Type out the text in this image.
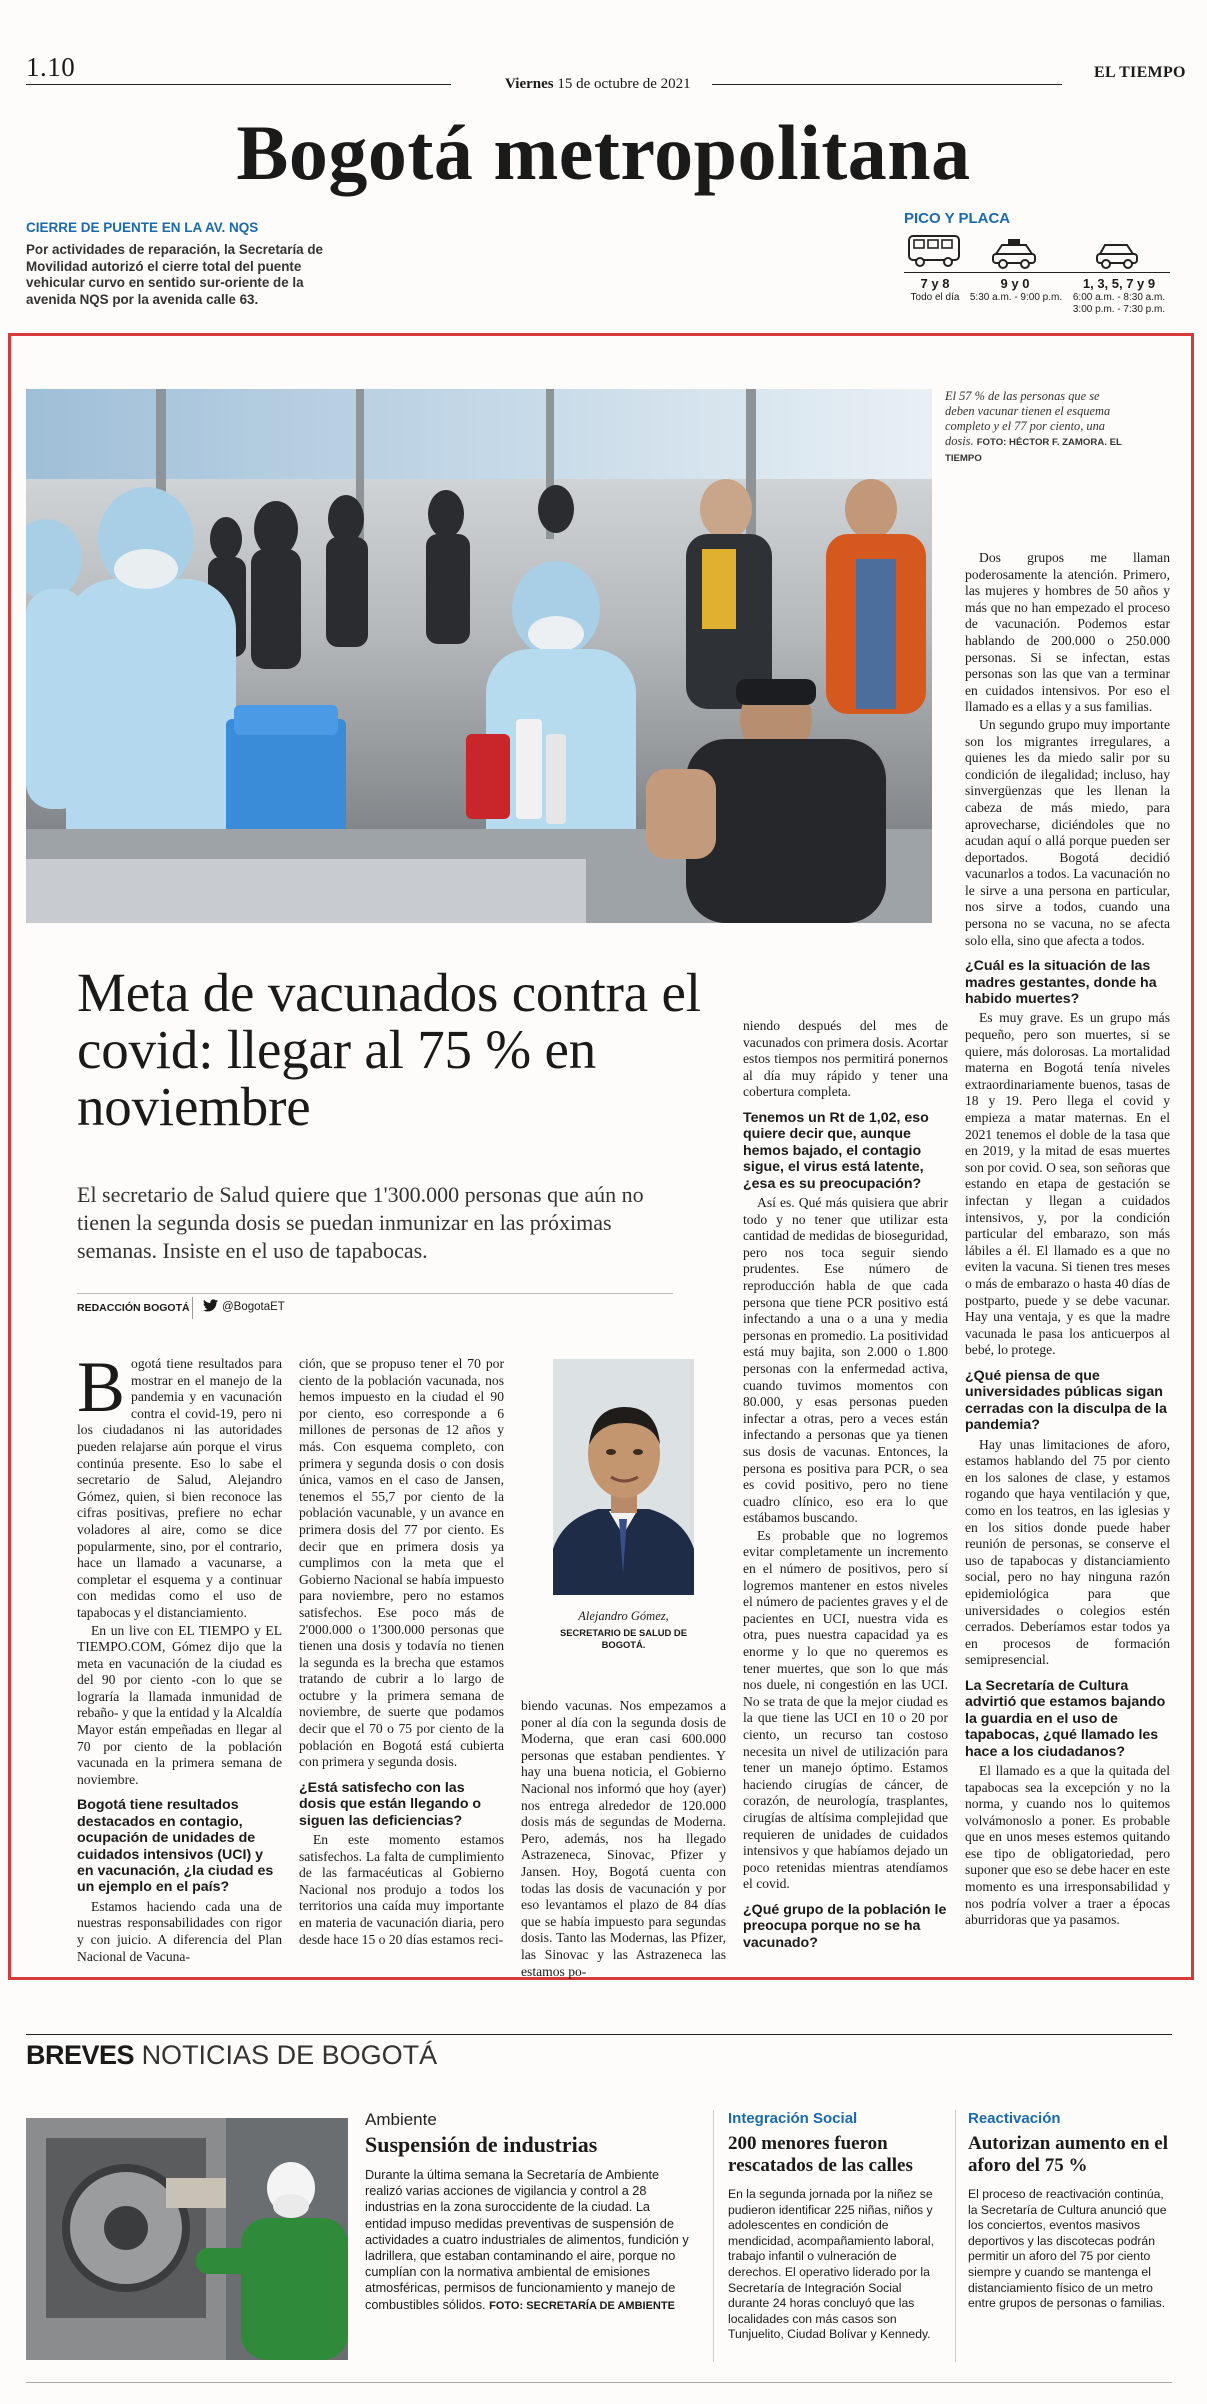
1.10
Viernes 15 de octubre de 2021
EL TIEMPO
Bogotá metropolitana
CIERRE DE PUENTE EN LA AV. NQS
Por actividades de reparación, la Secretaría de Movilidad autorizó el cierre total del puente vehicular curvo en sentido sur-oriente de la avenida NQS por la avenida calle 63.
PICO Y PLACA
7 y 8
Todo el día
9 y 0
5:30 a.m. - 9:00 p.m.
1, 3, 5, 7 y 9
6:00 a.m. - 8:30 a.m.
3:00 p.m. - 7:30 p.m.
El 57 % de las personas que se deben vacunar tienen el esquema completo y el 77 por ciento, una dosis. FOTO: HÉCTOR F. ZAMORA. EL TIEMPO
Meta de vacunados contra el covid: llegar al 75 % en noviembre
El secretario de Salud quiere que 1'300.000 personas que aún no tienen la segunda dosis se puedan inmunizar en las próximas semanas. Insiste en el uso de tapabocas.
REDACCIÓN BOGOTÁ	@BogotaET
Alejandro Gómez,
SECRETARIO DE SALUD DE BOGOTÁ.

Bogotá tiene resultados para mostrar en el manejo de la pandemia y en vacunación contra el covid-19, pero ni los ciudadanos ni las autoridades pueden relajarse aún porque el virus continúa presente. Eso lo sabe el secretario de Salud, Alejandro Gómez, quien, si bien reconoce las cifras positivas, prefiere no echar voladores al aire, como se dice popularmente, sino, por el contrario, hace un llamado a vacunarse, a completar el esquema y a continuar con medidas como el uso de tapabocas y el distanciamiento.

En un live con EL TIEMPO y EL TIEMPO.COM, Gómez dijo que la meta en vacunación de la ciudad es del 90 por ciento -con lo que se lograría la llamada inmunidad de rebaño- y que la entidad y la Alcaldía Mayor están empeñadas en llegar al 70 por ciento de la población vacunada en la primera semana de noviembre.

Bogotá tiene resultados destacados en contagio, ocupación de unidades de cuidados intensivos (UCI) y en vacunación, ¿la ciudad es un ejemplo en el país?

Estamos haciendo cada una de nuestras responsabilidades con rigor y con juicio. A diferencia del Plan Nacional de Vacuna-

ción, que se propuso tener el 70 por ciento de la población vacunada, nos hemos impuesto en la ciudad el 90 por ciento, eso corresponde a 6 millones de personas de 12 años y más. Con esquema completo, con primera y segunda dosis o con dosis única, vamos en el caso de Jansen, tenemos el 55,7 por ciento de la población vacunable, y un avance en primera dosis del 77 por ciento. Es decir que en primera dosis ya cumplimos con la meta que el Gobierno Nacional se había impuesto para noviembre, pero no estamos satisfechos. Ese poco más de 2'000.000 o 1'300.000 personas que tienen una dosis y todavía no tienen la segunda es la brecha que estamos tratando de cubrir a lo largo de octubre y la primera semana de noviembre, de suerte que podamos decir que el 70 o 75 por ciento de la población en Bogotá está cubierta con primera y segunda dosis.

¿Está satisfecho con las dosis que están llegando o siguen las deficiencias?

En este momento estamos satisfechos. La falta de cumplimiento de las farmacéuticas al Gobierno Nacional nos produjo a todos los territorios una caída muy importante en materia de vacunación diaria, pero desde hace 15 o 20 días estamos reci-

biendo vacunas. Nos empezamos a poner al día con la segunda dosis de Moderna, que eran casi 600.000 personas que estaban pendientes. Y hay una buena noticia, el Gobierno Nacional nos informó que hoy (ayer) nos entrega alrededor de 120.000 dosis más de segundas de Moderna. Pero, además, nos ha llegado Astrazeneca, Sinovac, Pfizer y Jansen. Hoy, Bogotá cuenta con todas las dosis de vacunación y por eso levantamos el plazo de 84 días que se había impuesto para segundas dosis. Tanto las Modernas, las Pfizer, las Sinovac y las Astrazeneca las estamos po-

niendo después del mes de vacunados con primera dosis. Acortar estos tiempos nos permitirá ponernos al día muy rápido y tener una cobertura completa.

Tenemos un Rt de 1,02, eso quiere decir que, aunque hemos bajado, el contagio sigue, el virus está latente, ¿esa es su preocupación?

Así es. Qué más quisiera que abrir todo y no tener que utilizar esta cantidad de medidas de bioseguridad, pero nos toca seguir siendo prudentes. Ese número de reproducción habla de que cada persona que tiene PCR positivo está infectando a una o a una y media personas en promedio. La positividad está muy bajita, son 2.000 o 1.800 personas con la enfermedad activa, cuando tuvimos momentos con 80.000, y esas personas pueden infectar a otras, pero a veces están infectando a personas que ya tienen sus dosis de vacunas. Entonces, la persona es positiva para PCR, o sea es covid positivo, pero no tiene cuadro clínico, eso era lo que estábamos buscando.

Es probable que no logremos evitar completamente un incremento en el número de positivos, pero sí logremos mantener en estos niveles el número de pacientes graves y el de pacientes en UCI, nuestra vida es otra, pues nuestra capacidad ya es enorme y lo que no queremos es tener muertes, que son lo que más nos duele, ni congestión en las UCI. No se trata de que la mejor ciudad es la que tiene las UCI en 10 o 20 por ciento, un recurso tan costoso necesita un nivel de utilización para tener un manejo óptimo. Estamos haciendo cirugías de cáncer, de corazón, de neurología, trasplantes, cirugías de altísima complejidad que requieren de unidades de cuidados intensivos y que habíamos dejado un poco retenidas mientras atendíamos el covid.

¿Qué grupo de la población le preocupa porque no se ha vacunado?

Dos grupos me llaman poderosamente la atención. Primero, las mujeres y hombres de 50 años y más que no han empezado el proceso de vacunación. Podemos estar hablando de 200.000 o 250.000 personas. Si se infectan, estas personas son las que van a terminar en cuidados intensivos. Por eso el llamado es a ellas y a sus familias.

Un segundo grupo muy importante son los migrantes irregulares, a quienes les da miedo salir por su condición de ilegalidad; incluso, hay sinvergüenzas que les llenan la cabeza de más miedo, para aprovecharse, diciéndoles que no acudan aquí o allá porque pueden ser deportados. Bogotá decidió vacunarlos a todos. La vacunación no le sirve a una persona en particular, nos sirve a todos, cuando una persona no se vacuna, no se afecta solo ella, sino que afecta a todos.

¿Cuál es la situación de las madres gestantes, donde ha habido muertes?

Es muy grave. Es un grupo más pequeño, pero son muertes, si se quiere, más dolorosas. La mortalidad materna en Bogotá tenía niveles extraordinariamente buenos, tasas de 18 y 19. Pero llega el covid y empieza a matar maternas. En el 2021 tenemos el doble de la tasa que en 2019, y la mitad de esas muertes son por covid. O sea, son señoras que estando en etapa de gestación se infectan y llegan a cuidados intensivos, y, por la condición particular del embarazo, son más lábiles a él. El llamado es a que no eviten la vacuna. Si tienen tres meses o más de embarazo o hasta 40 días de postparto, puede y se debe vacunar. Hay una ventaja, y es que la madre vacunada le pasa los anticuerpos al bebé, lo protege.

¿Qué piensa de que universidades públicas sigan cerradas con la disculpa de la pandemia?

Hay unas limitaciones de aforo, estamos hablando del 75 por ciento en los salones de clase, y estamos rogando que haya ventilación y que, como en los teatros, en las iglesias y en los sitios donde puede haber reunión de personas, se conserve el uso de tapabocas y distanciamiento social, pero no hay ninguna razón epidemiológica para que universidades o colegios estén cerrados. Deberíamos estar todos ya en procesos de formación semipresencial.

La Secretaría de Cultura advirtió que estamos bajando la guardia en el uso de tapabocas, ¿qué llamado les hace a los ciudadanos?

El llamado es a que la quitada del tapabocas sea la excepción y no la norma, y cuando nos lo quitemos volvámonoslo a poner. Es probable que en unos meses estemos quitando ese tipo de obligatoriedad, pero suponer que eso se debe hacer en este momento es una irresponsabilidad y nos podría volver a traer a épocas aburridoras que ya pasamos.

BREVES NOTICIAS DE BOGOTÁ
Ambiente
Suspensión de industrias
Durante la última semana la Secretaría de Ambiente realizó varias acciones de vigilancia y control a 28 industrias en la zona suroccidente de la ciudad. La entidad impuso medidas preventivas de suspensión de actividades a cuatro industriales de alimentos, fundición y ladrillera, que estaban contaminando el aire, porque no cumplían con la normativa ambiental de emisiones atmosféricas, permisos de funcionamiento y manejo de combustibles sólidos. FOTO: SECRETARÍA DE AMBIENTE
Integración Social
200 menores fueron rescatados de las calles
En la segunda jornada por la niñez se pudieron identificar 225 niñas, niños y adolescentes en condición de mendicidad, acompañamiento laboral, trabajo infantil o vulneración de derechos. El operativo liderado por la Secretaría de Integración Social durante 24 horas concluyó que las localidades con más casos son Tunjuelito, Ciudad Bolívar y Kennedy.
Reactivación
Autorizan aumento en el aforo del 75 %
El proceso de reactivación continúa, la Secretaría de Cultura anunció que los conciertos, eventos masivos deportivos y las discotecas podrán permitir un aforo del 75 por ciento siempre y cuando se mantenga el distanciamiento físico de un metro entre grupos de personas o familias.
